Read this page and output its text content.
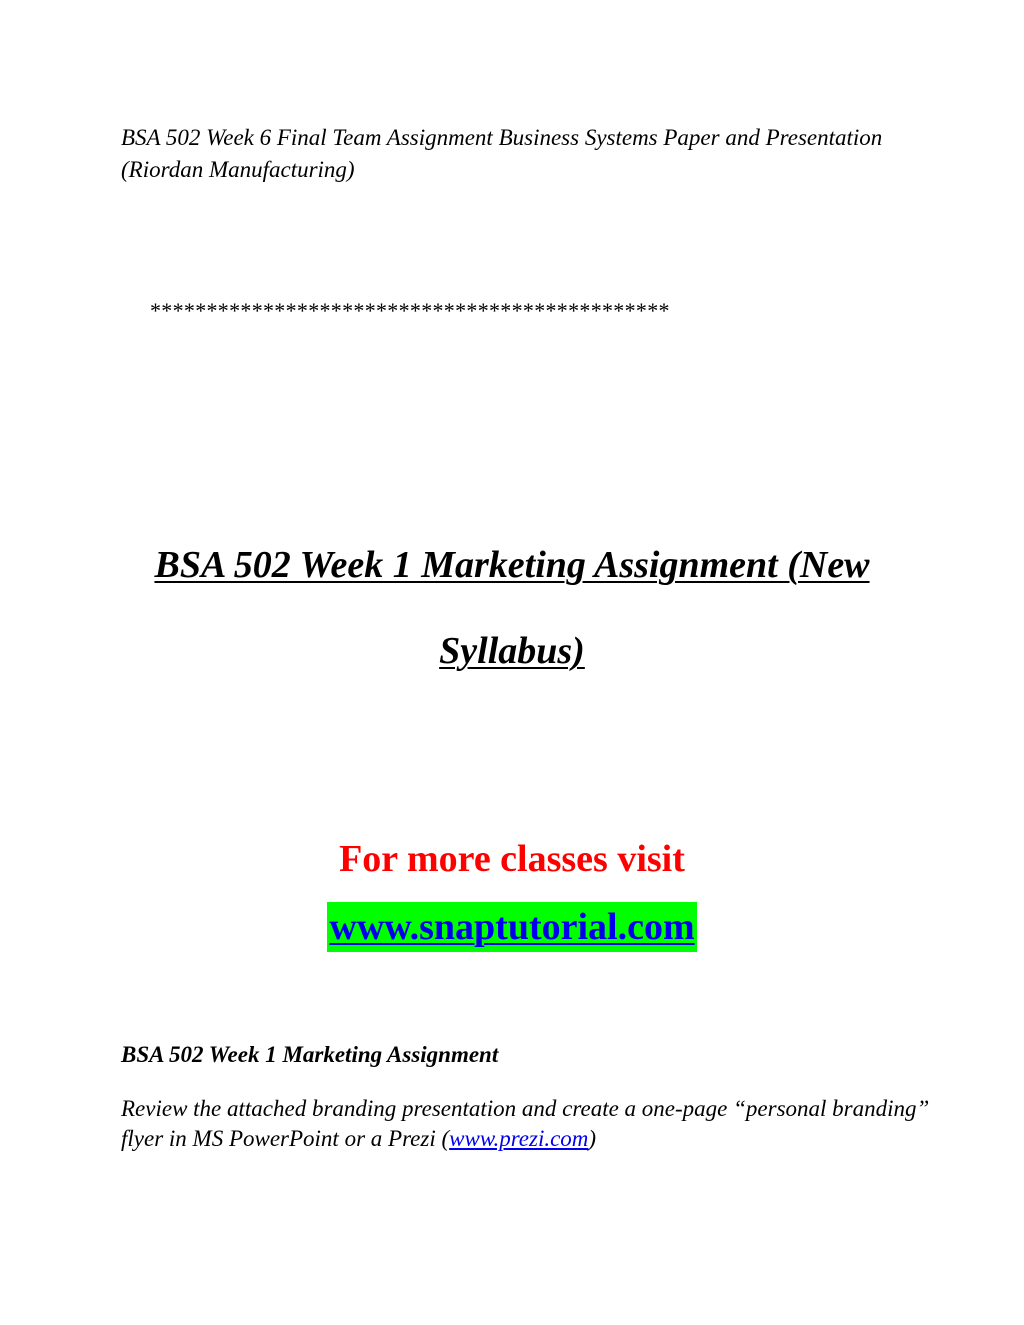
BSA 502 Week 6 Final Team Assignment Business Systems Paper and Presentation (Riordan Manufacturing)

**********************************************

BSA 502 Week 1 Marketing Assignment (New
Syllabus)

For more classes visit

www.snaptutorial.com

BSA 502 Week 1 Marketing Assignment

Review the attached branding presentation and create a one-page “personal branding” flyer in MS PowerPoint or a Prezi (www.prezi.com)
